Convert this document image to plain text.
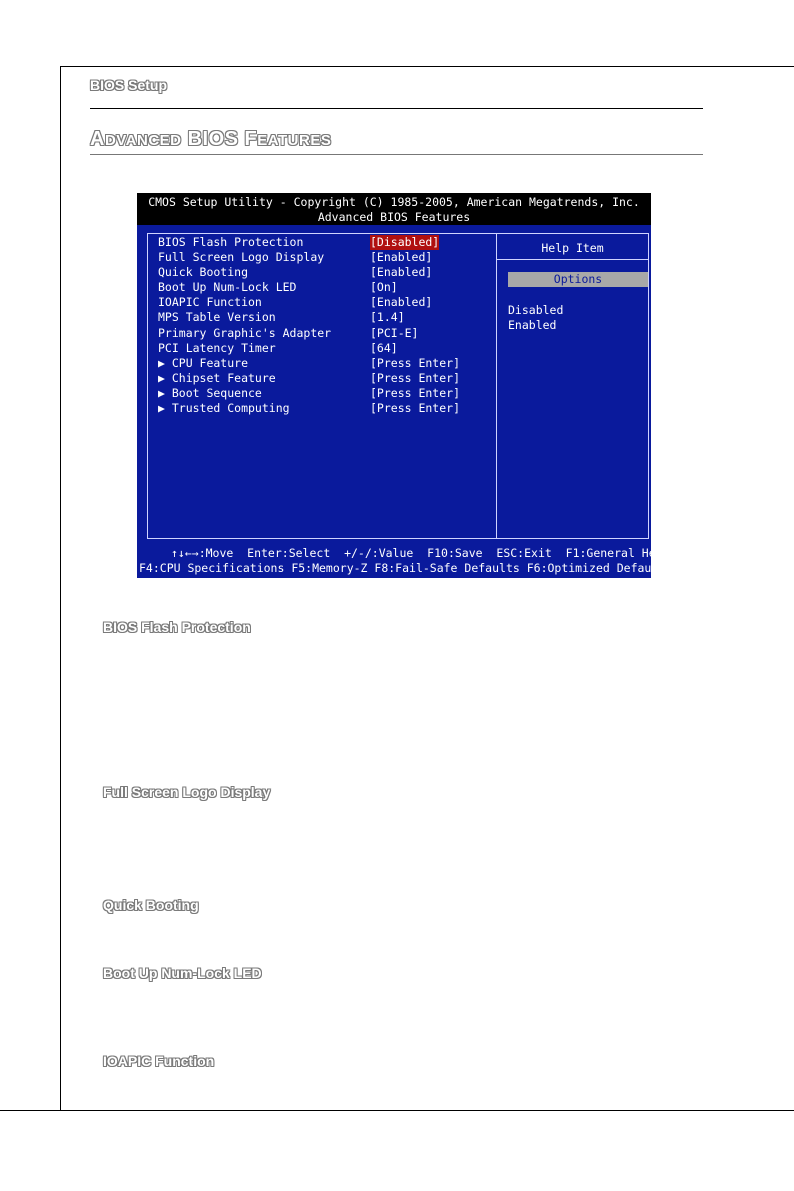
BIOS Setup
ADVANCED BIOS FEATURES
CMOS Setup Utility - Copyright (C) 1985-2005, American Megatrends, Inc.
Advanced BIOS Features
BIOS Flash Protection	[Disabled]
Full Screen Logo Display	[Enabled]
Quick Booting	[Enabled]
Boot Up Num-Lock LED	[On]
IOAPIC Function	[Enabled]
MPS Table Version	[1.4]
Primary Graphic's Adapter	[PCI-E]
PCI Latency Timer	[64]
▶ CPU Feature	[Press Enter]
▶ Chipset Feature	[Press Enter]
▶ Boot Sequence	[Press Enter]
▶ Trusted Computing	[Press Enter]
Help Item
Options
Disabled
Enabled
↑↓←→:Move  Enter:Select  +/-/:Value  F10:Save  ESC:Exit  F1:General Help
F4:CPU Specifications F5:Memory-Z F8:Fail-Safe Defaults F6:Optimized Defaults
BIOS Flash Protection
Full Screen Logo Display
Quick Booting
Boot Up Num-Lock LED
IOAPIC Function
